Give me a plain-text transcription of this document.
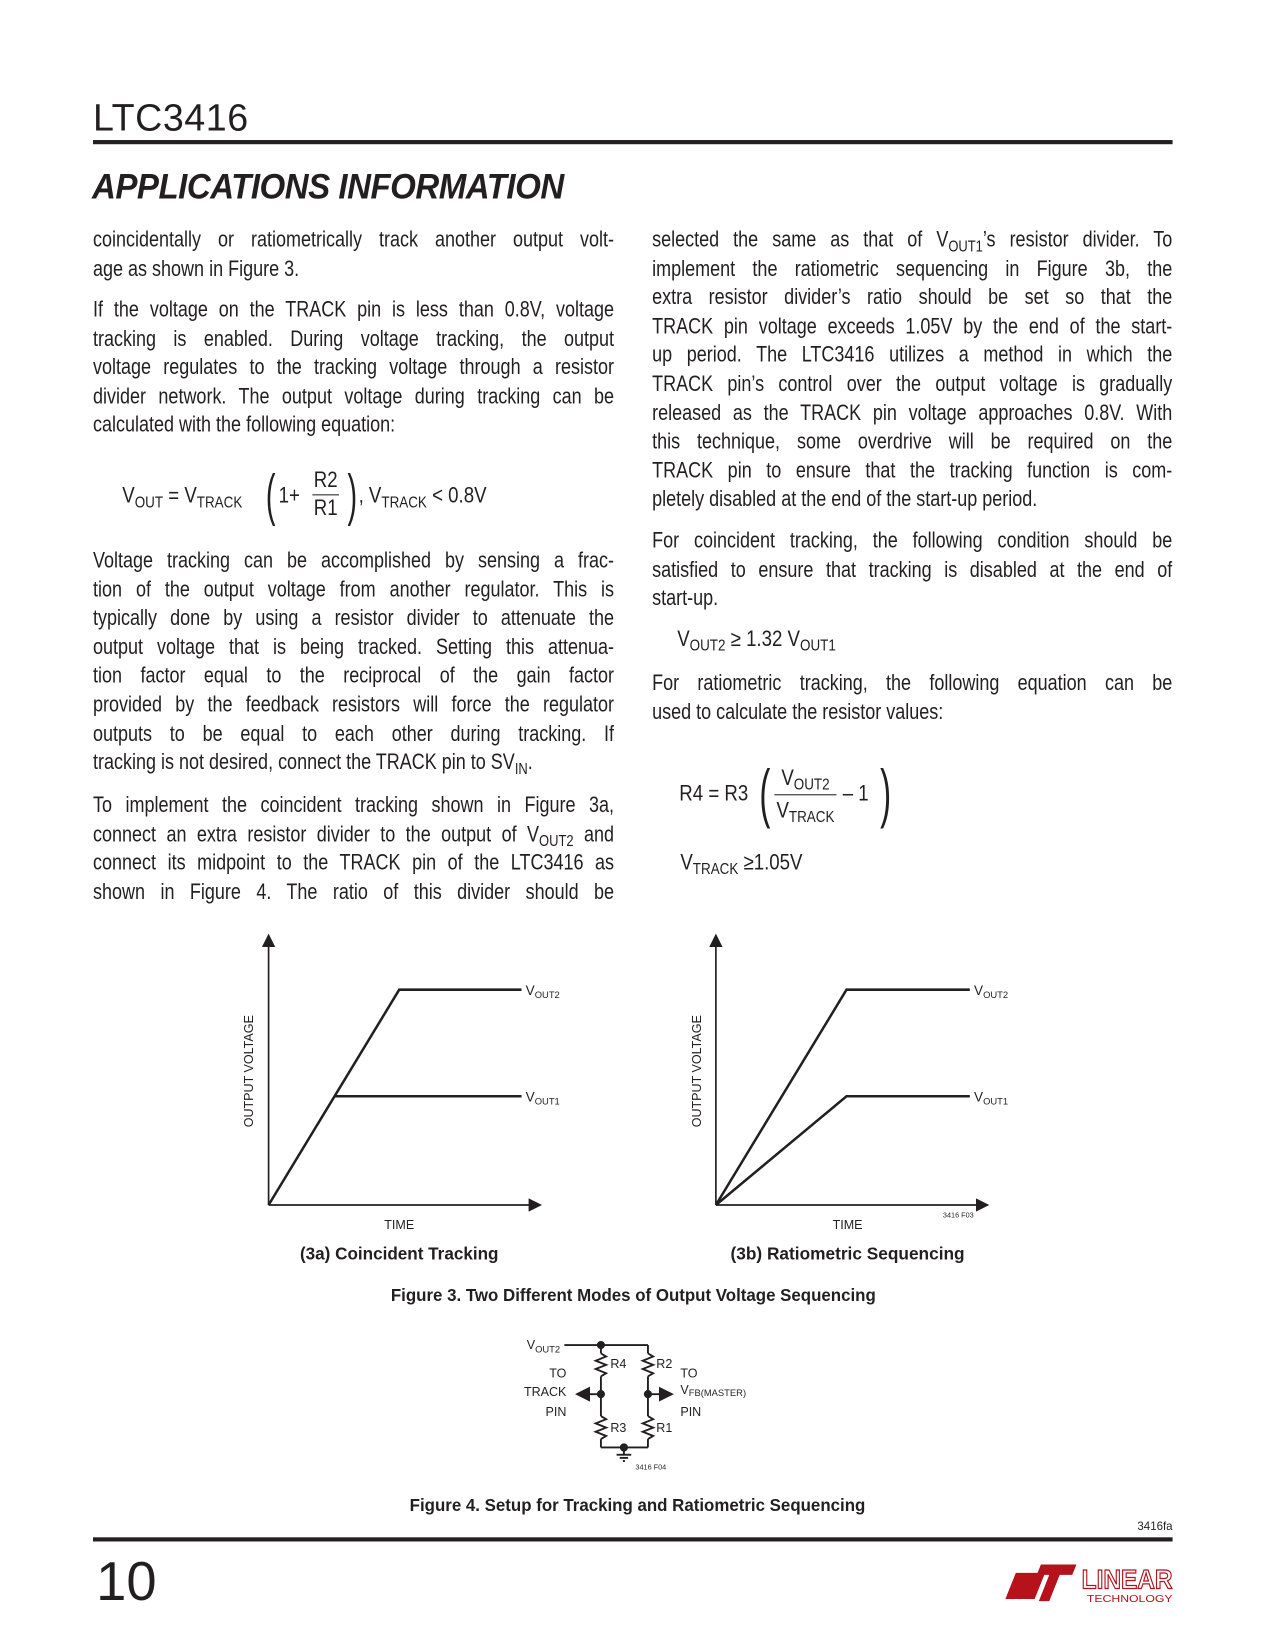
LTC3416
APPLICATIONS INFORMATION
coincidentally or ratiometrically track another output volt-
age as shown in Figure 3.
If the voltage on the TRACK pin is less than 0.8V, voltage
tracking is enabled. During voltage tracking, the output
voltage regulates to the tracking voltage through a resistor
divider network. The output voltage during tracking can be
calculated with the following equation:
Voltage tracking can be accomplished by sensing a frac-
tion of the output voltage from another regulator. This is
typically done by using a resistor divider to attenuate the
output voltage that is being tracked. Setting this attenua-
tion factor equal to the reciprocal of the gain factor
provided by the feedback resistors will force the regulator
outputs to be equal to each other during tracking. If
tracking is not desired, connect the TRACK pin to $SV_{IN}$.
To implement the coincident tracking shown in Figure 3a,
connect an extra resistor divider to the output of $V_{OUT2}$ and
connect its midpoint to the TRACK pin of the LTC3416 as
shown in Figure 4. The ratio of this divider should be
selected the same as that of $V_{OUT1}’s$ resistor divider. To
implement the ratiometric sequencing in Figure 3b, the
extra resistor divider’s ratio should be set so that the
TRACK pin voltage exceeds 1.05V by the end of the start-
up period. The LTC3416 utilizes a method in which the
TRACK pin’s control over the output voltage is gradually
released as the TRACK pin voltage approaches 0.8V. With
this technique, some overdrive will be required on the
TRACK pin to ensure that the tracking function is com-
pletely disabled at the end of the start-up period.
For coincident tracking, the following condition should be
satisfied to ensure that tracking is disabled at the end of
start-up.
For ratiometric tracking, the following equation can be
used to calculate the resistor values:
$V_{OUT} = V_{TRACK}$ ( 1+
R2
R1 ) , $V_{TRACK} < 0.8V$
$V_{OUT2} \ge 1.32$ $V_{OUT1}$
R4 = R3 ( $V_{OUT2}$
$V_{TRACK}$
– 1 )
$V_{TRACK} \ge 1.05V$
$V_{OUT2}$
$V_{OUT1}$
OUTPUT VOLTAGE
TIME
(3a) Coincident Tracking
$V_{OUT2}$
$V_{OUT1}$
OUTPUT VOLTAGE
TIME
3416 F03
(3b) Ratiometric Sequencing
Figure 3. Two Different Modes of Output Voltage Sequencing
$V_{OUT2}$
R4 R2
R3 R1
TO
TRACK
PIN
TO
VFB(MASTER)
PIN
3416 F04
Figure 4. Setup for Tracking and Ratiometric Sequencing
LINEAR
TECHNOLOGY
3416fa
10
